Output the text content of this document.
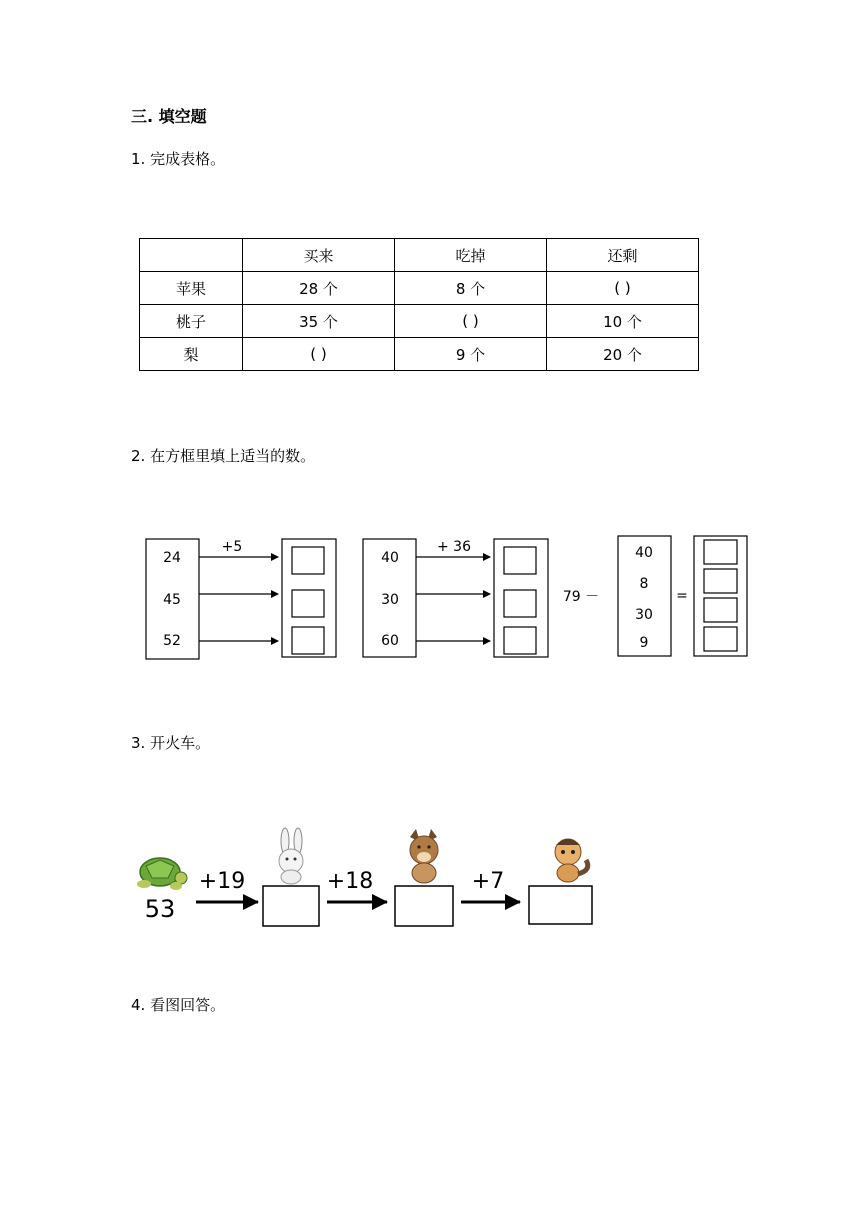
三. 填空题
1. 完成表格。
	买来	吃掉	还剩
苹果	28 个	8 个	( )
桃子	35 个	( )	10 个
梨	( )	9 个	20 个
2. 在方框里填上适当的数。
24
45
52
+5
40
30
60
+ 36
79 －
40
8
30
9
=
53
+19	+18	+7
3. 开火车。
4. 看图回答。
